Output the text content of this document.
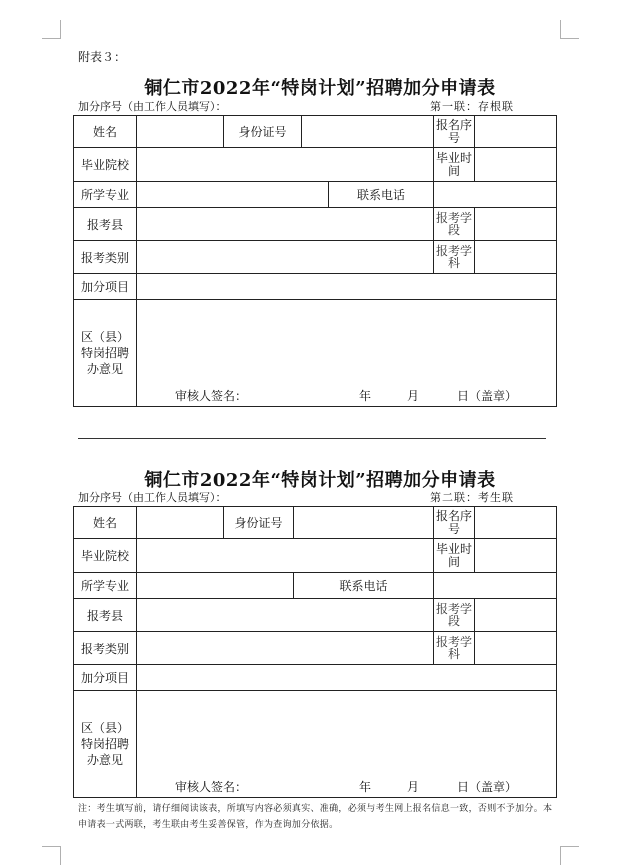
附表３：
铜仁市2022年“特岗计划”招聘加分申请表
加分序号（由工作人员填写）：	第一联：存根联
姓名		身份证号			报名序号	
毕业院校					毕业时间	
所学专业				联系电话		
报考县					报考学段	
报考类别					报考学科	
加分项目						
区（县）特岗招聘办意见	审核人签名： 年 月 日（盖章）					
铜仁市2022年“特岗计划”招聘加分申请表
加分序号（由工作人员填写）：	第二联：考生联
姓名		身份证号		报名序号	
毕业院校				毕业时间	
所学专业			联系电话		
报考县				报考学段	
报考类别				报考学科	
加分项目					
区（县）特岗招聘办意见	审核人签名： 年 月 日（盖章）				
注：考生填写前，请仔细阅读该表，所填写内容必须真实、准确，必须与考生网上报名信息一致，否则不予加分。本申请表一式两联，考生联由考生妥善保管，作为查询加分依据。
